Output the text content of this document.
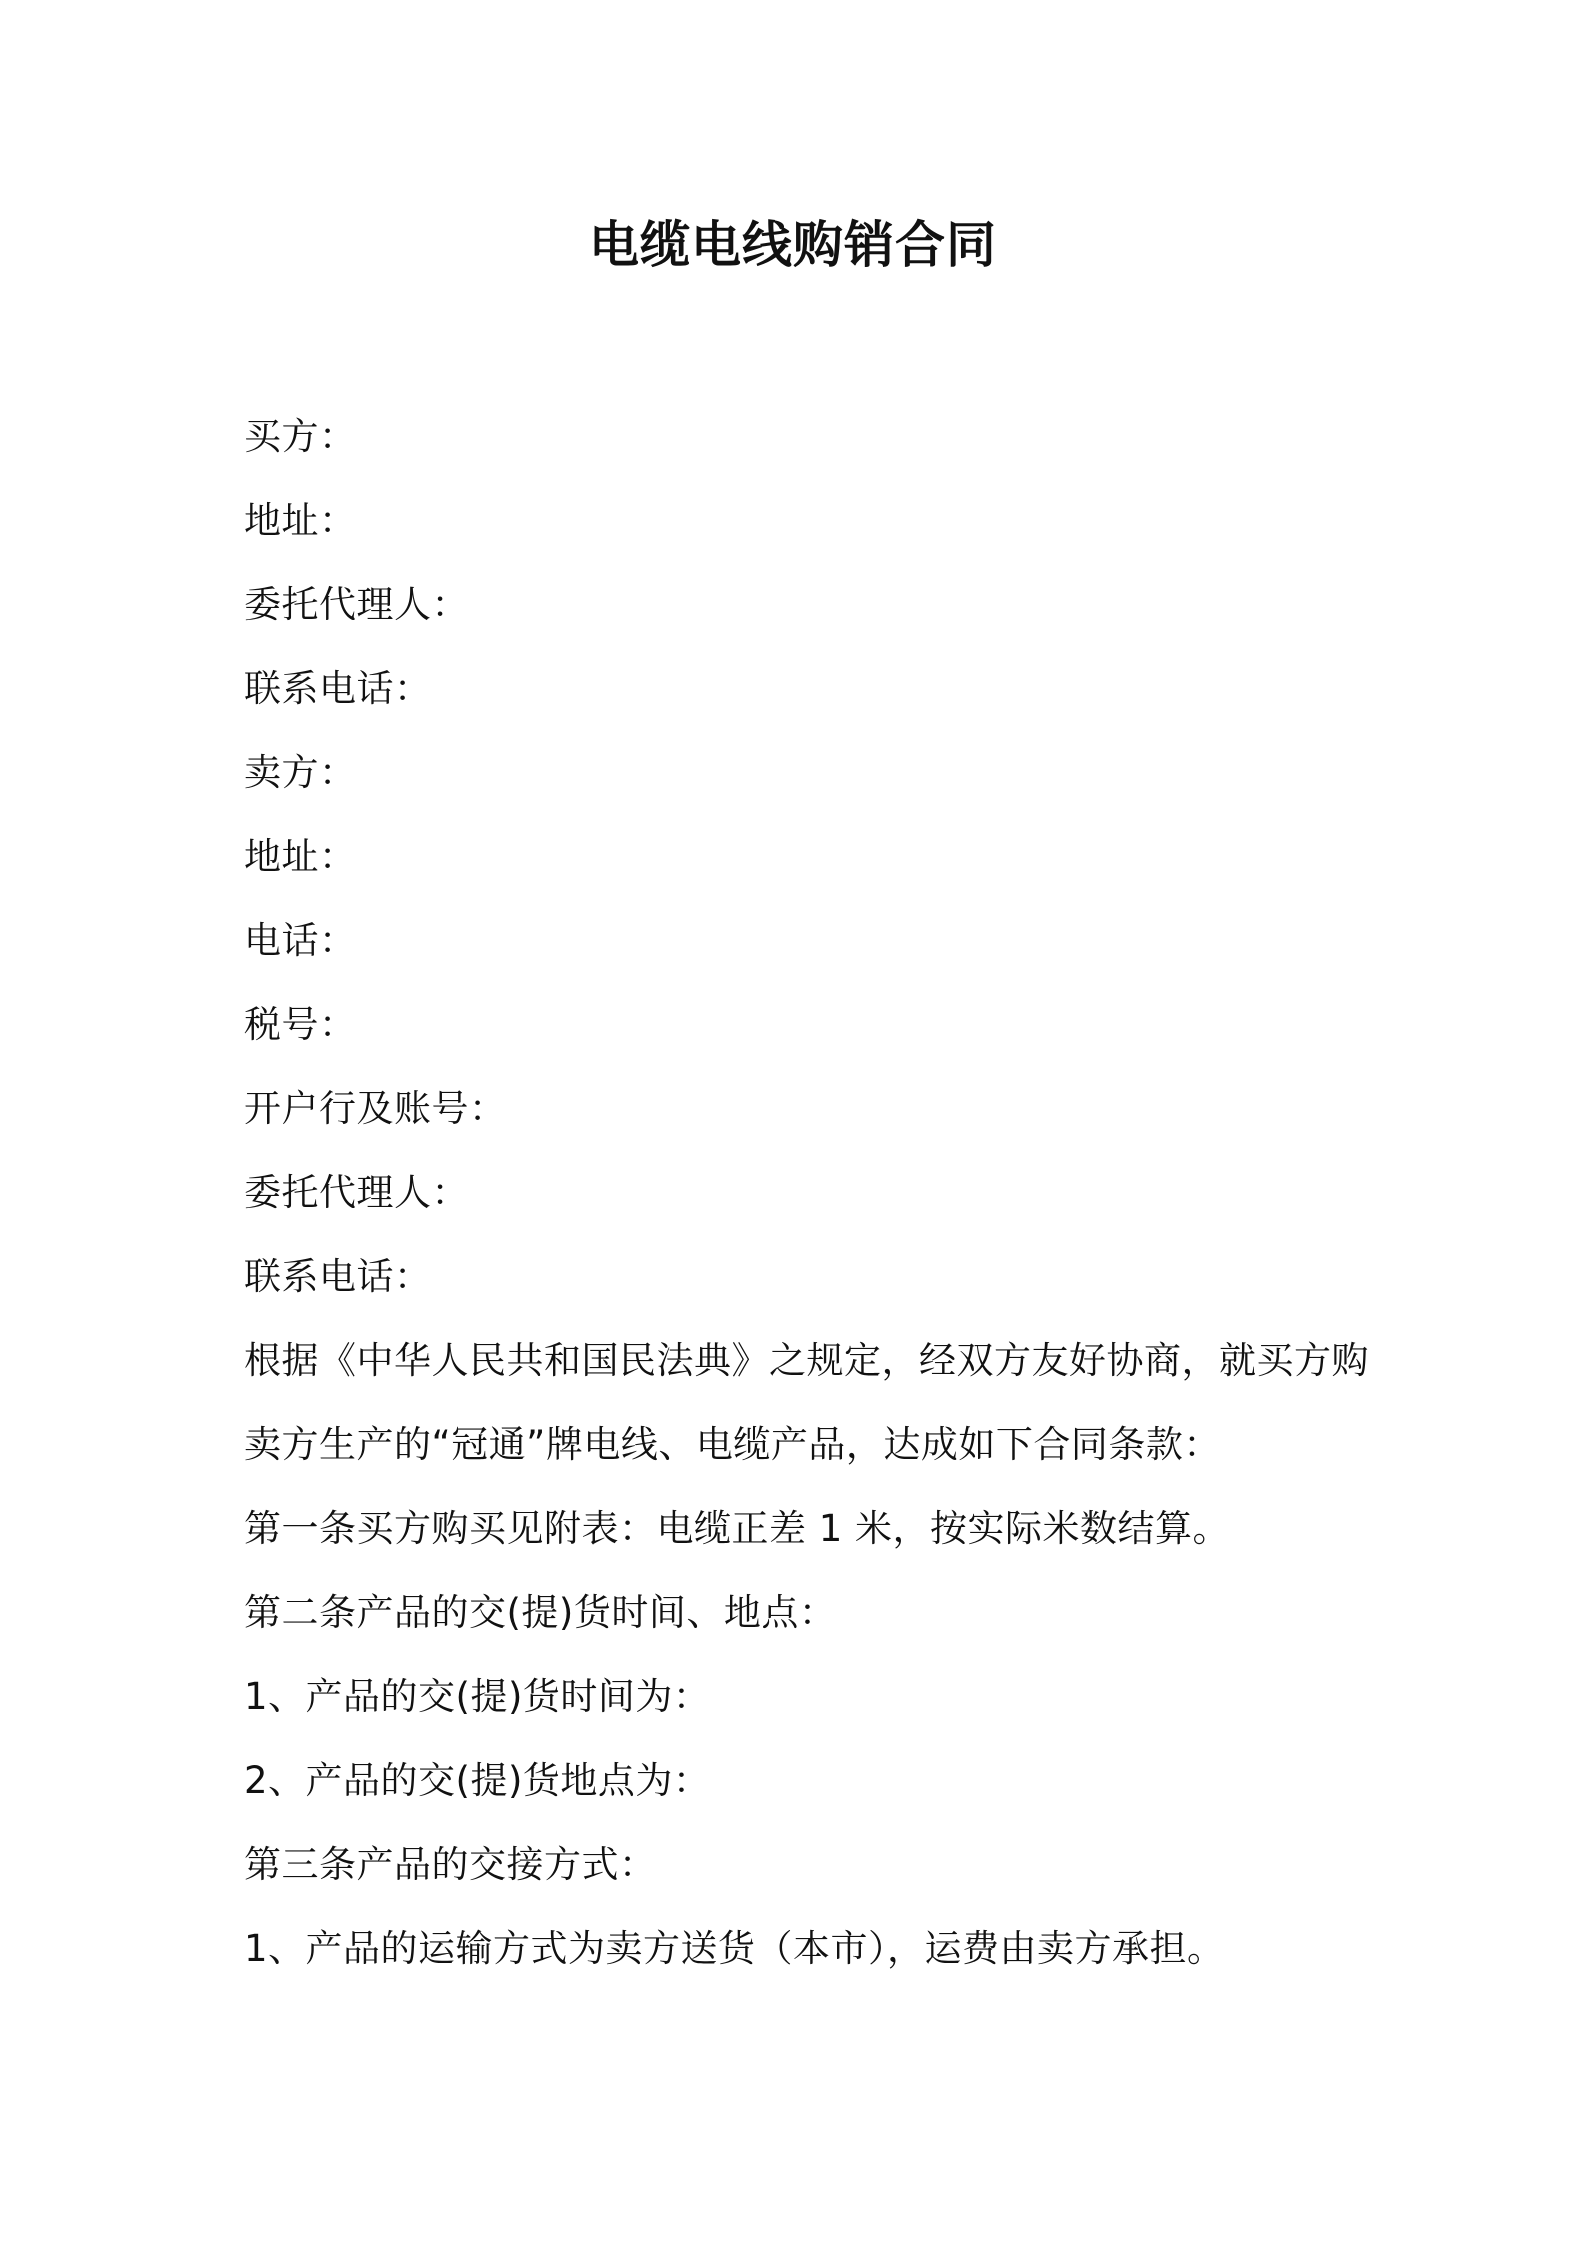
电缆电线购销合同
买方：
地址：
委托代理人：
联系电话：
卖方：
地址：
电话：
税号：
开户行及账号：
委托代理人：
联系电话：
根据《中华人民共和国民法典》之规定，经双方友好协商，就买方购
卖方生产的“冠通”牌电线、电缆产品，达成如下合同条款：
第一条买方购买见附表：电缆正差 1 米，按实际米数结算。
第二条产品的交(提)货时间、地点：
1、产品的交(提)货时间为：
2、产品的交(提)货地点为：
第三条产品的交接方式：
1、产品的运输方式为卖方送货（本市），运费由卖方承担。
